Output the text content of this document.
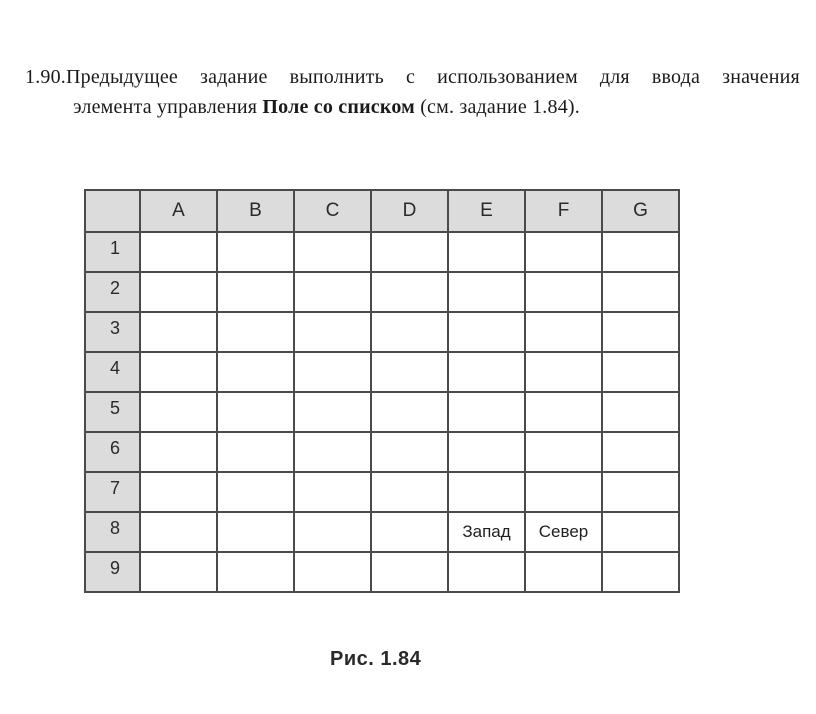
1.90. Предыдущее задание выполнить с использованием для ввода значения
элемента управления Поле со списком (см. задание 1.84).
	A	B	C	D	E	F	G
1							
2							
3							
4							
5							
6							
7							
8					Запад	Север	
9							
Рис. 1.84
